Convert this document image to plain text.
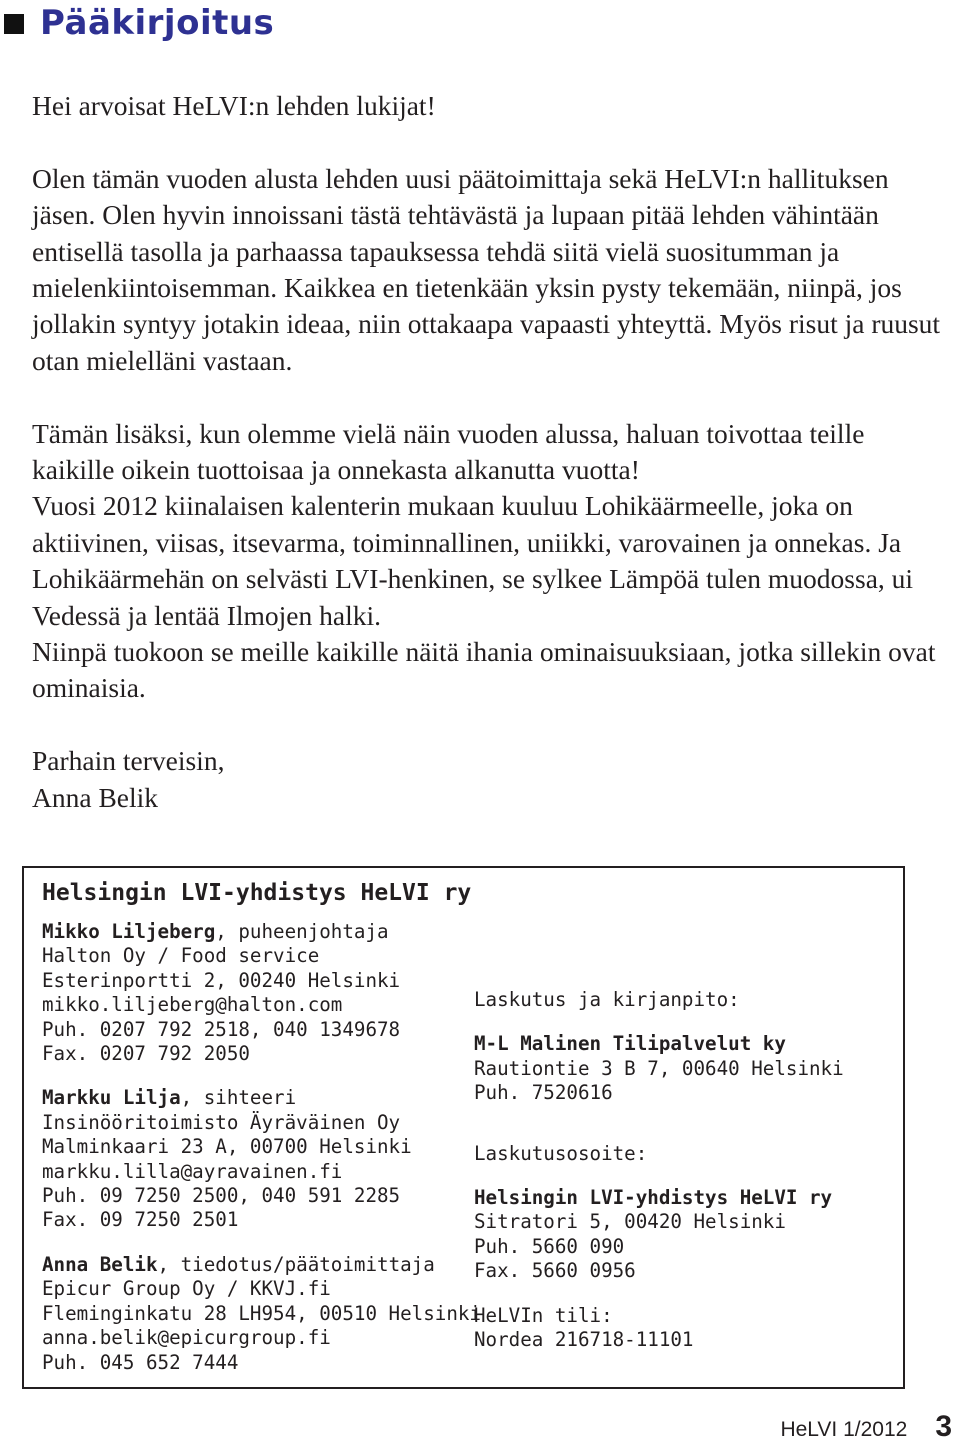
Pääkirjoitus

Hei arvoisat HeLVI:n lehden lukijat!

Olen tämän vuoden alusta lehden uusi päätoimittaja sekä HeLVI:n hallituksen jäsen. Olen hyvin innoissani tästä tehtävästä ja lupaan pitää lehden vähintään entisellä tasolla ja parhaassa tapauksessa tehdä siitä vielä suositumman ja mielenkiintoisemman. Kaikkea en tietenkään yksin pysty tekemään, niinpä, jos jollakin syntyy jotakin ideaa, niin ottakaapa vapaasti yhteyttä. Myös risut ja ruusut otan mielelläni vastaan.

Tämän lisäksi, kun olemme vielä näin vuoden alussa, haluan toivottaa teille kaikille oikein tuottoisaa ja onnekasta alkanutta vuotta!

Vuosi 2012 kiinalaisen kalenterin mukaan kuuluu Lohikäärmeelle, joka on aktiivinen, viisas, itsevarma, toiminnallinen, uniikki, varovainen ja onnekas. Ja Lohikäärmehän on selvästi LVI-henkinen, se sylkee Lämpöä tulen muodossa, ui Vedessä ja lentää Ilmojen halki.

Niinpä tuokoon se meille kaikille näitä ihania ominaisuuksiaan, jotka sillekin ovat ominaisia.

Parhain terveisin,

Anna Belik

Helsingin LVI-yhdistys HeLVI ry
Mikko Liljeberg, puheenjohtaja
Halton Oy / Food service
Esterinportti 2, 00240 Helsinki
mikko.liljeberg@halton.com
Puh. 0207 792 2518, 040 1349678
Fax. 0207 792 2050
Markku Lilja, sihteeri
Insinööritoimisto Äyräväinen Oy
Malminkaari 23 A, 00700 Helsinki
markku.lilla@ayravainen.fi
Puh. 09 7250 2500, 040 591 2285
Fax. 09 7250 2501
Anna Belik, tiedotus/päätoimittaja
Epicur Group Oy / KKVJ.fi
Fleminginkatu 28 LH954, 00510 Helsinki
anna.belik@epicurgroup.fi
Puh. 045 652 7444
Laskutus ja kirjanpito:
M-L Malinen Tilipalvelut ky
Rautiontie 3 B 7, 00640 Helsinki
Puh. 7520616
Laskutusosoite:
Helsingin LVI-yhdistys HeLVI ry
Sitratori 5, 00420 Helsinki
Puh. 5660 090
Fax. 5660 0956
HeLVIn tili:
Nordea 216718-11101
HeLVI 1/2012 3
